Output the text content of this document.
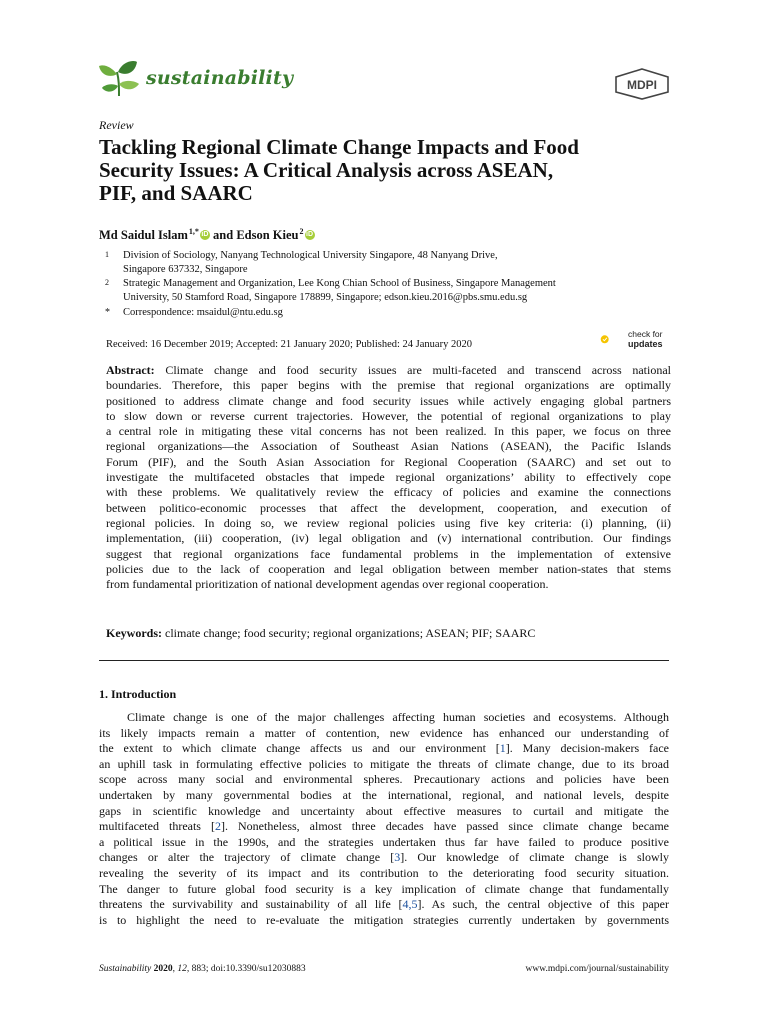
sustainability	MDPI
Review
Tackling Regional Climate Change Impacts and Food
Security Issues: A Critical Analysis across ASEAN,
PIF, and SAARC
Md Saidul Islam$^{1,*}$ iD and Edson Kieu$^2$ iD
1 Division of Sociology, Nanyang Technological University Singapore, 48 Nanyang Drive,
Singapore 637332, Singapore
2 Strategic Management and Organization, Lee Kong Chian School of Business, Singapore Management
University, 50 Stamford Road, Singapore 178899, Singapore; edson.kieu.2016@pbs.smu.edu.sg
* Correspondence: msaidul@ntu.edu.sg
Received: 16 December 2019; Accepted: 21 January 2020; Published: 24 January 2020
check for
updates
Abstract: Climate change and food security issues are multi-faceted and transcend across national
boundaries. Therefore, this paper begins with the premise that regional organizations are optimally
positioned to address climate change and food security issues while actively engaging global partners
to slow down or reverse current trajectories. However, the potential of regional organizations to play
a central role in mitigating these vital concerns has not been realized. In this paper, we focus on three
regional organizations—the Association of Southeast Asian Nations (ASEAN), the Pacific Islands
Forum (PIF), and the South Asian Association for Regional Cooperation (SAARC) and set out to
investigate the multifaceted obstacles that impede regional organizations’ ability to effectively cope
with these problems. We qualitatively review the efficacy of policies and examine the connections
between politico-economic processes that affect the development, cooperation, and execution of
regional policies. In doing so, we review regional policies using five key criteria: (i) planning, (ii)
implementation, (iii) cooperation, (iv) legal obligation and (v) international contribution. Our findings
suggest that regional organizations face fundamental problems in the implementation of extensive
policies due to the lack of cooperation and legal obligation between member nation-states that stems
from fundamental prioritization of national development agendas over regional cooperation.
Keywords: climate change; food security; regional organizations; ASEAN; PIF; SAARC
1. Introduction
Climate change is one of the major challenges affecting human societies and ecosystems. Although
its likely impacts remain a matter of contention, new evidence has enhanced our understanding of
the extent to which climate change affects us and our environment [1]. Many decision-makers face
an uphill task in formulating effective policies to mitigate the threats of climate change, due to its broad
scope across many social and environmental spheres. Precautionary actions and policies have been
undertaken by many governmental bodies at the international, regional, and national levels, despite
gaps in scientific knowledge and uncertainty about effective measures to curtail and mitigate the
multifaceted threats [2]. Nonetheless, almost three decades have passed since climate change became
a political issue in the 1990s, and the strategies undertaken thus far have failed to produce positive
changes or alter the trajectory of climate change [3]. Our knowledge of climate change is slowly
revealing the severity of its impact and its contribution to the deteriorating food security situation.
The danger to future global food security is a key implication of climate change that fundamentally
threatens the survivability and sustainability of all life [4,5]. As such, the central objective of this paper
is to highlight the need to re-evaluate the mitigation strategies currently undertaken by governments
Sustainability 2020, 12, 883; doi:10.3390/su12030883	www.mdpi.com/journal/sustainability
